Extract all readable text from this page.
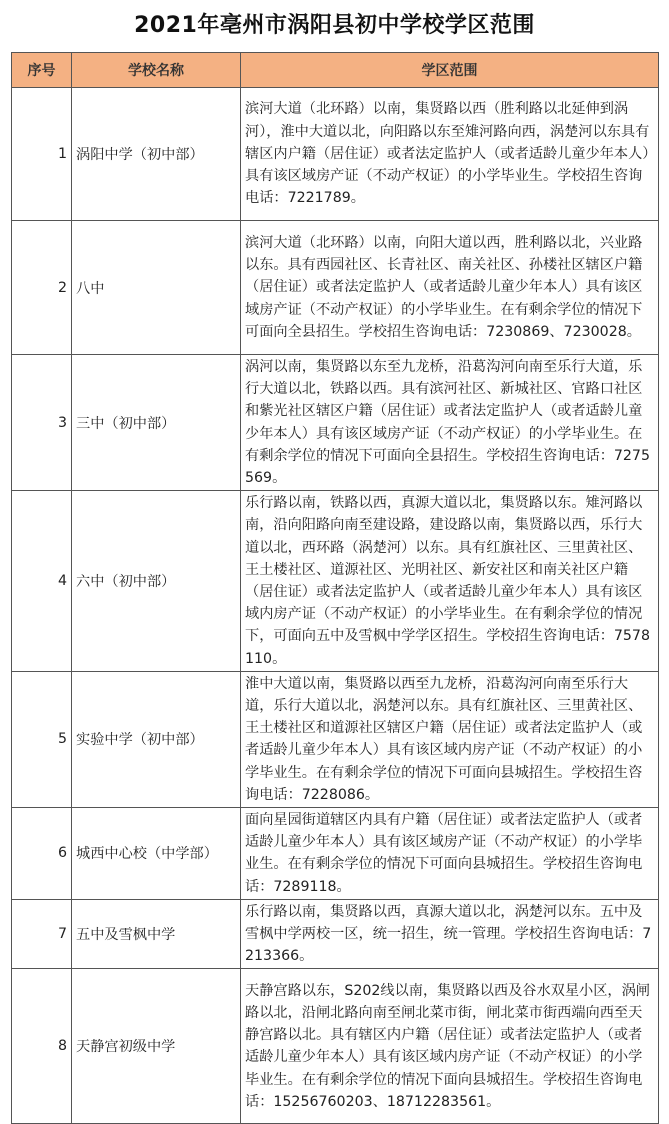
2021年亳州市涡阳县初中学校学区范围
序号	学校名称	学区范围
1	涡阳中学（初中部）	滨河大道（北环路）以南，集贤路以西（胜利路以北延伸到涡河），淮中大道以北，向阳路以东至雉河路向西，涡楚河以东具有辖区内户籍（居住证）或者法定监护人（或者适龄儿童少年本人）具有该区域房产证（不动产权证）的小学毕业生。学校招生咨询电话：7221789。
2	八中	滨河大道（北环路）以南，向阳大道以西，胜利路以北，兴业路以东。具有西园社区、长青社区、南关社区、孙楼社区辖区户籍（居住证）或者法定监护人（或者适龄儿童少年本人）具有该区域房产证（不动产权证）的小学毕业生。在有剩余学位的情况下可面向全县招生。学校招生咨询电话：7230869、7230028。
3	三中（初中部）	涡河以南，集贤路以东至九龙桥，沿葛沟河向南至乐行大道，乐行大道以北，铁路以西。具有滨河社区、新城社区、官路口社区和紫光社区辖区户籍（居住证）或者法定监护人（或者适龄儿童少年本人）具有该区域房产证（不动产权证）的小学毕业生。在有剩余学位的情况下可面向全县招生。学校招生咨询电话：7275569。
4	六中（初中部）	乐行路以南，铁路以西，真源大道以北，集贤路以东。雉河路以南，沿向阳路向南至建设路，建设路以南，集贤路以西，乐行大道以北，西环路（涡楚河）以东。具有红旗社区、三里黄社区、王土楼社区、道源社区、光明社区、新安社区和南关社区户籍（居住证）或者法定监护人（或者适龄儿童少年本人）具有该区域内房产证（不动产权证）的小学毕业生。在有剩余学位的情况下，可面向五中及雪枫中学学区招生。学校招生咨询电话：7578110。
5	实验中学（初中部）	淮中大道以南，集贤路以西至九龙桥，沿葛沟河向南至乐行大道，乐行大道以北，涡楚河以东。具有红旗社区、三里黄社区、王土楼社区和道源社区辖区户籍（居住证）或者法定监护人（或者适龄儿童少年本人）具有该区域内房产证（不动产权证）的小学毕业生。在有剩余学位的情况下可面向县城招生。学校招生咨询电话：7228086。
6	城西中心校（中学部）	面向星园街道辖区内具有户籍（居住证）或者法定监护人（或者适龄儿童少年本人）具有该区域房产证（不动产权证）的小学毕业生。在有剩余学位的情况下可面向县城招生。学校招生咨询电话：7289118。
7	五中及雪枫中学	乐行路以南，集贤路以西，真源大道以北，涡楚河以东。五中及雪枫中学两校一区，统一招生，统一管理。学校招生咨询电话：7213366。
8	天静宫初级中学	天静宫路以东，S202线以南，集贤路以西及谷水双星小区，涡闸路以北，沿闸北路向南至闸北菜市街，闸北菜市街西端向西至天静宫路以北。具有辖区内户籍（居住证）或者法定监护人（或者适龄儿童少年本人）具有该区域内房产证（不动产权证）的小学毕业生。在有剩余学位的情况下面向县城招生。学校招生咨询电话：15256760203、18712283561。
